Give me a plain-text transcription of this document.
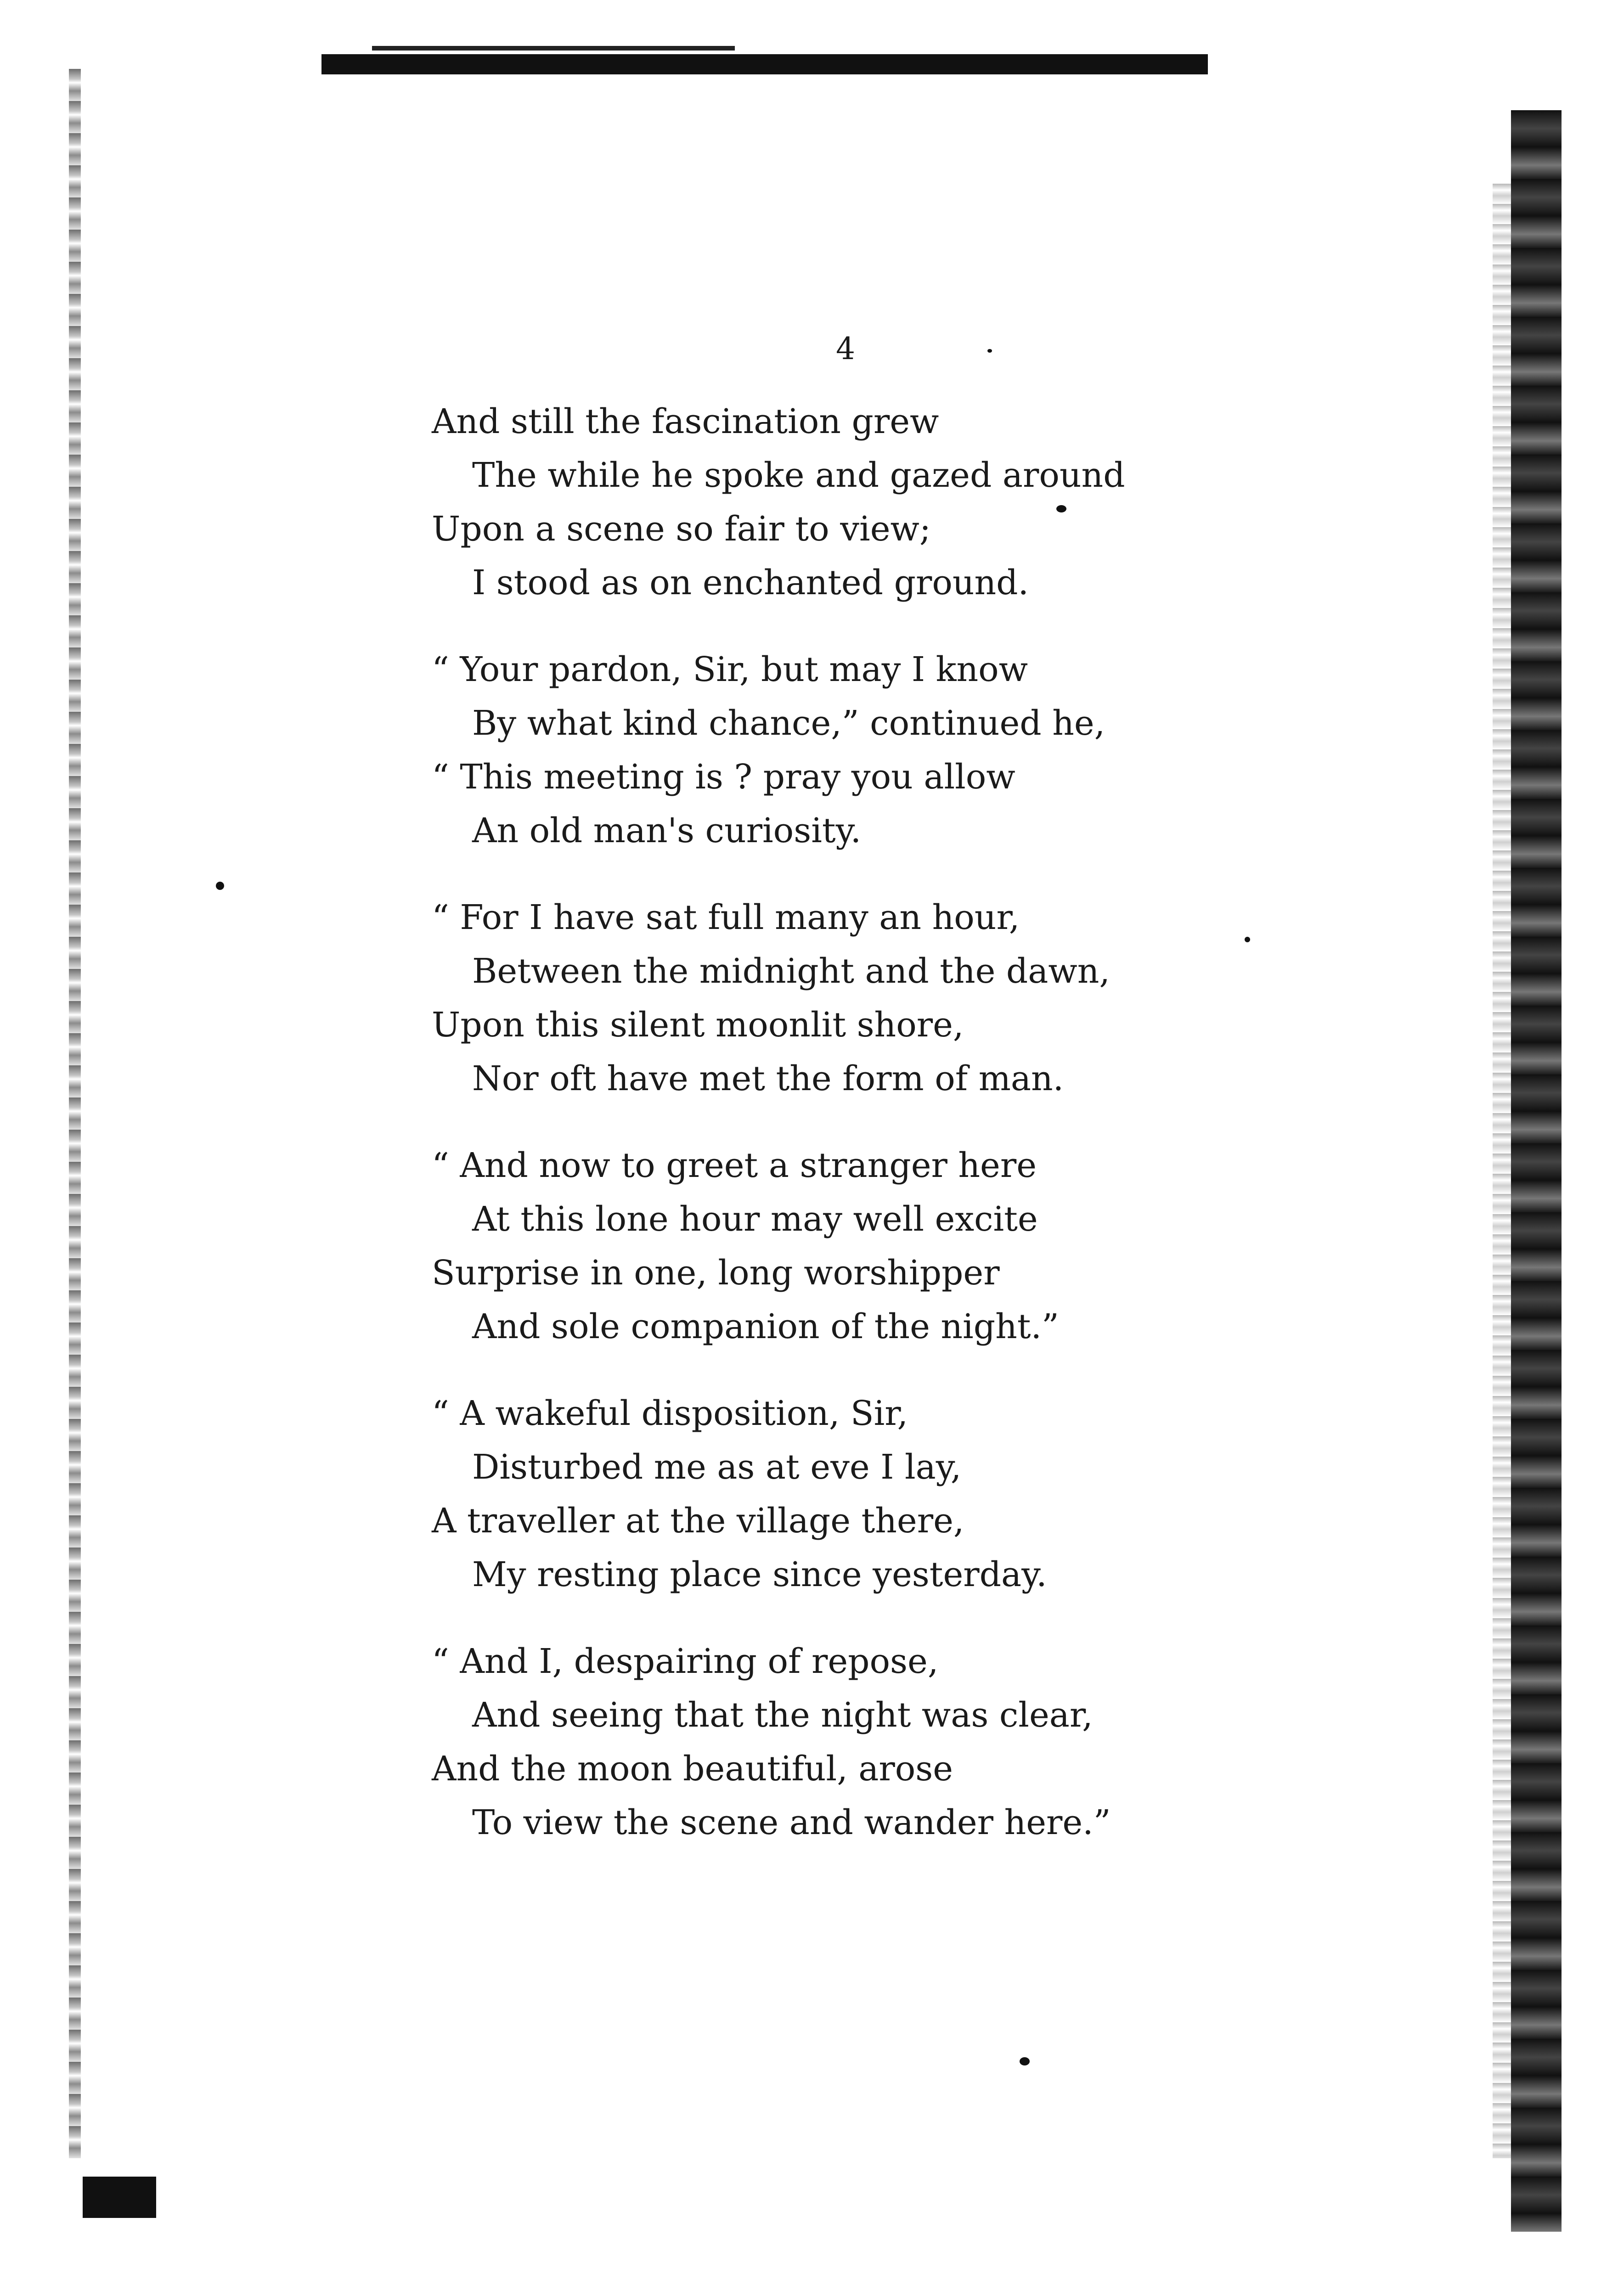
4

And still the fascination grew
The while he spoke and gazed around
Upon a scene so fair to view;
I stood as on enchanted ground.
“ Your pardon, Sir, but may I know
By what kind chance,” continued he,
“ This meeting is ? pray you allow
An old man's curiosity.
“ For I have sat full many an hour,
Between the midnight and the dawn,
Upon this silent moonlit shore,
Nor oft have met the form of man.
“ And now to greet a stranger here
At this lone hour may well excite
Surprise in one, long worshipper
And sole companion of the night.”
“ A wakeful disposition, Sir,
Disturbed me as at eve I lay,
A traveller at the village there,
My resting place since yesterday.
“ And I, despairing of repose,
And seeing that the night was clear,
And the moon beautiful, arose
To view the scene and wander here.”
